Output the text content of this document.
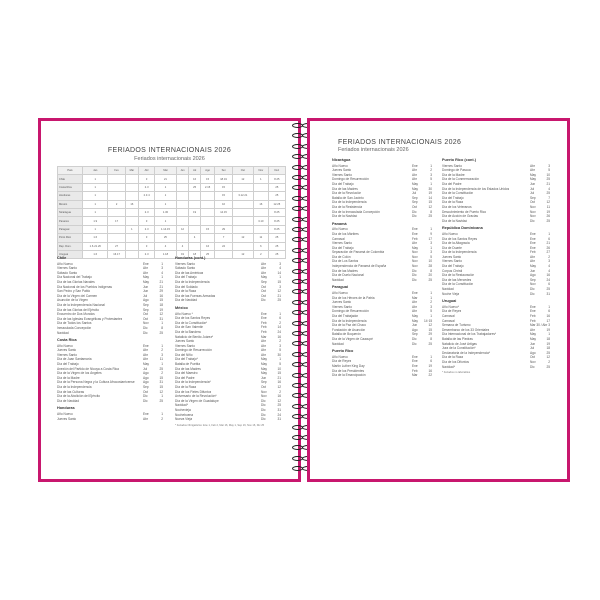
FERIADOS INTERNACIONAIS 2026
Feriados internacionais 2026
País	Jan	Fev	Mar	Abr	Mai	Jun	Jul	Ago	Set	Out	Nov	Dez
Chile	1			3	21		16	15	18·19	12	1	8·25
Costa Rica	1			2·3	1		25	2·15	15			25
Honduras	1			2·3·4	1				15	3·12·21		25
México	1	2	16		1				16		16	12·25
Nicarágua	1			2·3	1·30		19		14·15			8·25
Panamá	1·9	17		3	1						3·10	8·25
Paraguai	1		1	2·3	1·14·15	12		15	29			8·25
Porto Rico	1·6			3	25		4		7	12	11	25
Rep. Dom.	1·6·21·26	27		3	4	4		16	24		6	25
Uruguai	1·6	16·17		2·3	1·18	19	18	25		12	2	25
Chile
Año Nuevo	Ene	1
Viernes Santo	Abr	3
Sábado Santo	Abr	4
Día Nacional del Trabajo	May	1
Día de las Glorias Navales	May	21
Día Nacional de los Pueblos Indígenas	Jun	21
San Pedro y San Pablo	Jun	29
Día de la Virgen del Carmen	Jul	16
Asunción de la Virgen	Ago	15
Día de la Independencia Nacional	Sep	18
Día de las Glorias del Ejército	Sep	19
Encuentro de Dos Mundos	Oct	12
Día de las Iglesias Evangélicas y Protestantes	Oct	31
Día de Todos los Santos	Nov	1
Inmaculada Concepción	Dic	8
Navidad	Dic	25
Costa Rica
Año Nuevo	Ene	1
Jueves Santo	Abr	2
Viernes Santo	Abr	3
Día de Juan Santamaría	Abr	11
Día del Trabajo	May	1
Anexión del Partido de Nicoya a Costa Rica	Jul	25
Día de la Virgen de los Ángeles	Ago	2
Día de la Madre	Ago	15
Día de la Persona Negra y la Cultura Afrocostarricense	Ago	31
Día de la Independencia	Sep	15
Día de las Culturas	Oct	12
Día de la Abolición del Ejército	Dic	1
Día de Navidad	Dic	25
Honduras
Año Nuevo	Ene	1
Jueves Santo	Abr	2
Honduras (cont.)
Viernes Santo	Abr	3
Sábado Santo	Abr	4
Día de las Américas	Abr	14
Día del Trabajo	May	1
Día de la Independencia	Sep	15
Día del Soldado	Oct	3
Día de la Raza	Oct	12
Día de las Fuerzas Armadas	Oct	21
Día de Navidad	Dic	25
México
Año Nuevo *	Ene	1
Día de los Santos Reyes	Ene	6
Día de la Constitución*	Feb	2
Día de San Valentín	Feb	14
Día de la Bandera	Feb	24
Natalicio de Benito Juárez*	Mar	16
Jueves Santo	Abr	2
Viernes Santo	Abr	3
Domingo de Resurrección	Abr	5
Día del Niño	Abr	30
Día del Trabajo*	May	1
Batalla de Puebla	May	5
Día de las Madres	May	10
Día del Maestro	May	15
Día del Padre	Jun	21
Día de la Independencia*	Sep	16
Día de la Raza	Oct	12
Día de los Fieles Difuntos	Nov	2
Aniversario de la Revolución*	Nov	16
Día de la Virgen de Guadalupe	Dic	12
Navidad*	Dic	25
Nochevieja	Dic	31
Nochebuena	Dic	24
Nueva Vieja	Dic	31
* Feriados Obrigatórios: Ene 1, Feb 2, Mar 16, May 1, Sep 16, Nov 16, Dic 25
FERIADOS INTERNACIONAIS 2026
Feriados internacionais 2026
Nicarágua
Año Nuevo	Ene	1
Jueves Santo	Abr	2
Viernes Santo	Abr	3
Domingo de Resurrección	Abr	5
Día del Trabajo	May	1
Día de las Madres	May	30
Día de la Revolución	Jul	19
Batalla de San Jacinto	Sep	14
Día de la Independencia	Sep	15
Día de la Resistencia	Oct	12
Día de la Inmaculada Concepción	Dic	8
Día de la Navidad	Dic	25
Panamá
Año Nuevo	Ene	1
Día de los Mártires	Ene	9
Carnaval	Feb	17
Viernes Santo	Abr	3
Día del Trabajo	May	1
Separación de Panamá de Colombia	Nov	3
Día de Colón	Nov	5
Día de Los Santos	Nov	10
Independencia de Panamá de España	Nov	28
Día de las Madres	Dic	8
Día de Duelo Nacional	Dic	20
Navidad	Dic	25
Paraguai
Año Nuevo	Ene	1
Día de los Héroes de la Patria	Mar	1
Jueves Santo	Abr	2
Viernes Santo	Abr	3
Domingo de Resurrección	Abr	5
Día del Trabajador	May	1
Día de la Independencia	May	14·15
Día de la Paz del Chaco	Jun	12
Fundación de Asunción	Ago	15
Batalla de Boquerón	Sep	29
Día de la Virgen de Caacupé	Dic	8
Navidad	Dic	25
Puerto Rico
Año Nuevo	Ene	1
Día de Reyes	Ene	6
Martin Luther King Day	Ene	19
Día de los Presidentes	Feb	16
Día de la Emancipación	Mar	22
Puerto Rico (cont.)
Viernes Santo	Abr	3
Domingo de Pascua	Abr	5
Día de la Madre	May	10
Día de la Conmemoración	May	25
Día del Padre	Jun	21
Día de la Independencia de los Estados Unidos	Jul	4
Día de la Constitución	Jul	25
Día del Trabajo	Sep	7
Día de la Raza	Oct	12
Día de los Veteranos	Nov	11
Descubrimiento de Puerto Rico	Nov	19
Día de Acción de Gracias	Nov	26
Día de la Navidad	Dic	25
República Dominicana
Año Nuevo	Ene	1
Día de los Santos Reyes	Ene	6
Día de la Altagracia	Ene	21
Día de Duarte	Ene	26
Día de la Independencia	Feb	27
Jueves Santo	Abr	2
Viernes Santo	Abr	3
Día del Trabajo	May	4
Corpus Christi	Jun	4
Día de la Restauración	Ago	16
Día de las Mercedes	Sep	24
Día de la Constitución	Nov	6
Navidad	Dic	25
Noche Vieja	Dic	31
Uruguai
Año Nuevo*	Ene	1
Día de Reyes	Ene	6
Carnaval	Feb	16
Carnaval	Feb	17
Semana de Turismo	Mar 30 / Abr 3
Desembarco de los 33 Orientales	Abr	19
Día Internacional de los Trabajadores*	May	1
Batalla de las Piedras	May	18
Natalicio de José Artigas	Jun	19
Jura de la Constitución*	Jul	18
Declaratoria de la Independencia*	Ago	25
Día de la Raza	Oct	12
Día de los Difuntos	Nov	2
Navidad*	Dic	25
* Feriados no laborables
